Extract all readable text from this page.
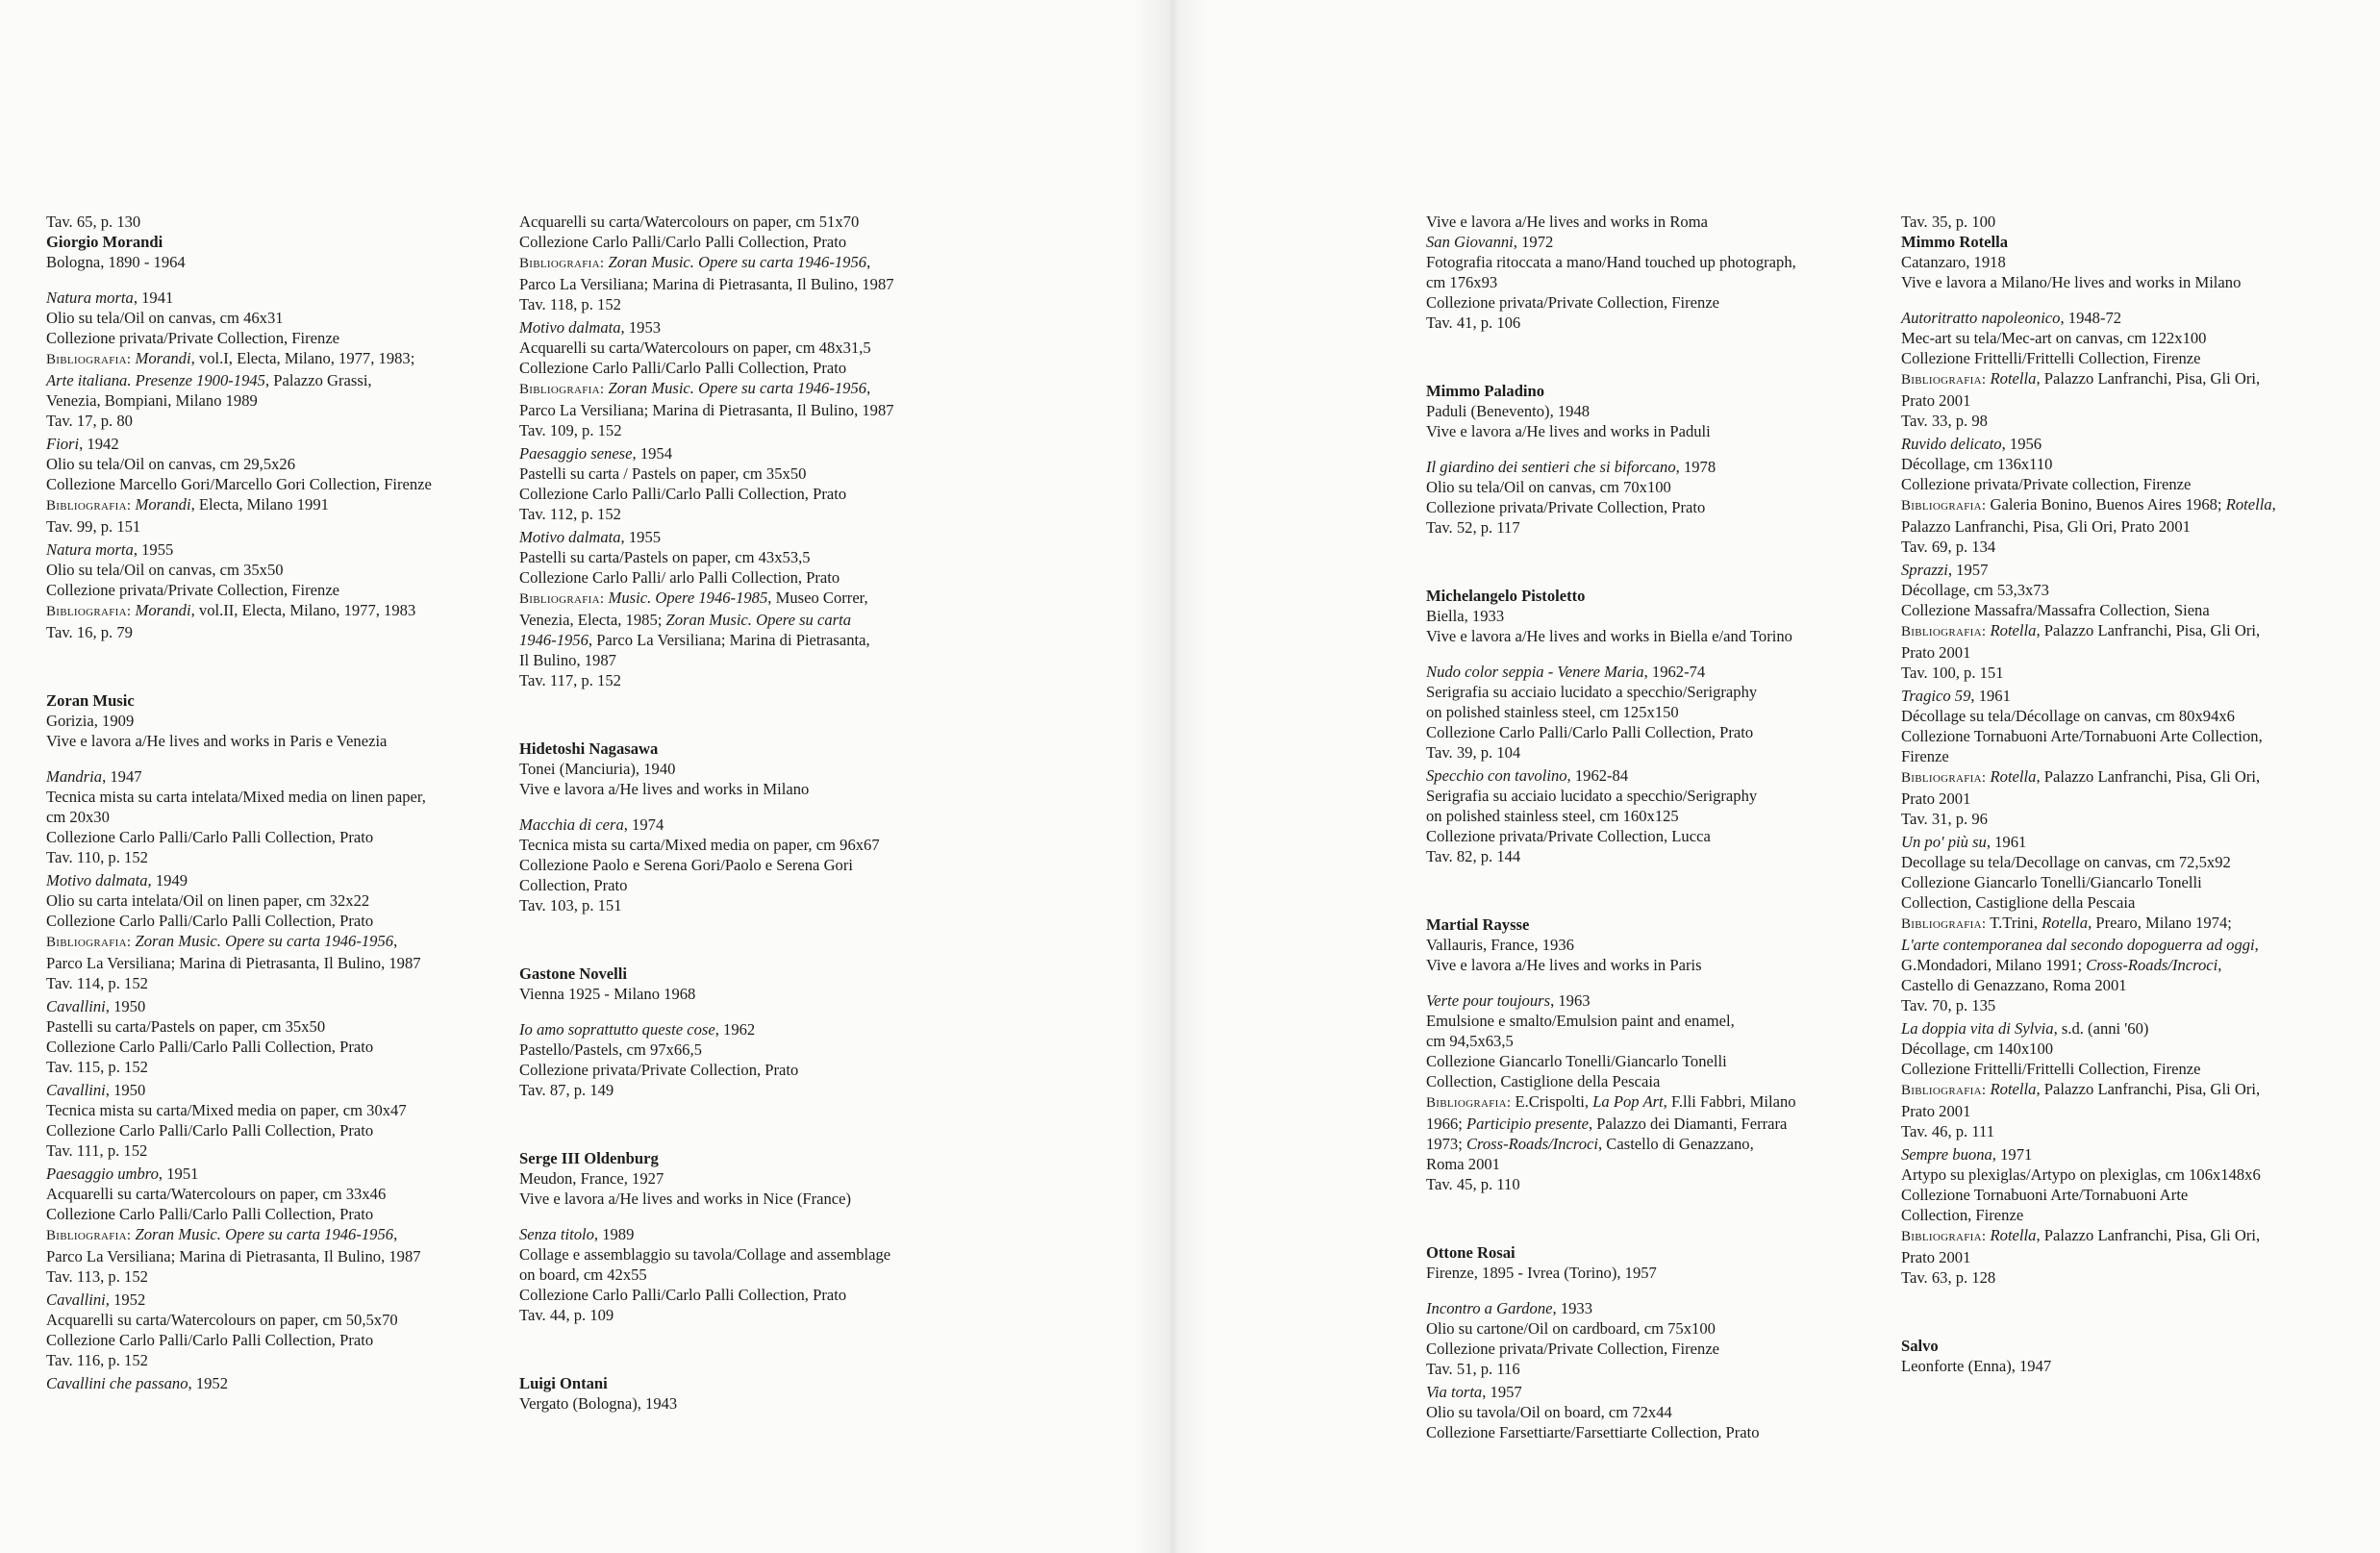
Tav. 65, p. 130
Giorgio Morandi
Bologna, 1890 - 1964
Natura morta, 1941
Olio su tela/Oil on canvas, cm 46x31
Collezione privata/Private Collection, Firenze
Bibliografia: Morandi, vol.I, Electa, Milano, 1977, 1983;
Arte italiana. Presenze 1900-1945, Palazzo Grassi,
Venezia, Bompiani, Milano 1989
Tav. 17, p. 80
Fiori, 1942
Olio su tela/Oil on canvas, cm 29,5x26
Collezione Marcello Gori/Marcello Gori Collection, Firenze
Bibliografia: Morandi, Electa, Milano 1991
Tav. 99, p. 151
Natura morta, 1955
Olio su tela/Oil on canvas, cm 35x50
Collezione privata/Private Collection, Firenze
Bibliografia: Morandi, vol.II, Electa, Milano, 1977, 1983
Tav. 16, p. 79
Zoran Music
Gorizia, 1909
Vive e lavora a/He lives and works in Paris e Venezia
Mandria, 1947
Tecnica mista su carta intelata/Mixed media on linen paper,
cm 20x30
Collezione Carlo Palli/Carlo Palli Collection, Prato
Tav. 110, p. 152
Motivo dalmata, 1949
Olio su carta intelata/Oil on linen paper, cm 32x22
Collezione Carlo Palli/Carlo Palli Collection, Prato
Bibliografia: Zoran Music. Opere su carta 1946-1956,
Parco La Versiliana; Marina di Pietrasanta, Il Bulino, 1987
Tav. 114, p. 152
Cavallini, 1950
Pastelli su carta/Pastels on paper, cm 35x50
Collezione Carlo Palli/Carlo Palli Collection, Prato
Tav. 115, p. 152
Cavallini, 1950
Tecnica mista su carta/Mixed media on paper, cm 30x47
Collezione Carlo Palli/Carlo Palli Collection, Prato
Tav. 111, p. 152
Paesaggio umbro, 1951
Acquarelli su carta/Watercolours on paper, cm 33x46
Collezione Carlo Palli/Carlo Palli Collection, Prato
Bibliografia: Zoran Music. Opere su carta 1946-1956,
Parco La Versiliana; Marina di Pietrasanta, Il Bulino, 1987
Tav. 113, p. 152
Cavallini, 1952
Acquarelli su carta/Watercolours on paper, cm 50,5x70
Collezione Carlo Palli/Carlo Palli Collection, Prato
Tav. 116, p. 152
Cavallini che passano, 1952
Acquarelli su carta/Watercolours on paper, cm 51x70
Collezione Carlo Palli/Carlo Palli Collection, Prato
Bibliografia: Zoran Music. Opere su carta 1946-1956,
Parco La Versiliana; Marina di Pietrasanta, Il Bulino, 1987
Tav. 118, p. 152
Motivo dalmata, 1953
Acquarelli su carta/Watercolours on paper, cm 48x31,5
Collezione Carlo Palli/Carlo Palli Collection, Prato
Bibliografia: Zoran Music. Opere su carta 1946-1956,
Parco La Versiliana; Marina di Pietrasanta, Il Bulino, 1987
Tav. 109, p. 152
Paesaggio senese, 1954
Pastelli su carta / Pastels on paper, cm 35x50
Collezione Carlo Palli/Carlo Palli Collection, Prato
Tav. 112, p. 152
Motivo dalmata, 1955
Pastelli su carta/Pastels on paper, cm 43x53,5
Collezione Carlo Palli/ arlo Palli Collection, Prato
Bibliografia: Music. Opere 1946-1985, Museo Correr,
Venezia, Electa, 1985; Zoran Music. Opere su carta
1946-1956, Parco La Versiliana; Marina di Pietrasanta,
Il Bulino, 1987
Tav. 117, p. 152
Hidetoshi Nagasawa
Tonei (Manciuria), 1940
Vive e lavora a/He lives and works in Milano
Macchia di cera, 1974
Tecnica mista su carta/Mixed media on paper, cm 96x67
Collezione Paolo e Serena Gori/Paolo e Serena Gori
Collection, Prato
Tav. 103, p. 151
Gastone Novelli
Vienna 1925 - Milano 1968
Io amo soprattutto queste cose, 1962
Pastello/Pastels, cm 97x66,5
Collezione privata/Private Collection, Prato
Tav. 87, p. 149
Serge III Oldenburg
Meudon, France, 1927
Vive e lavora a/He lives and works in Nice (France)
Senza titolo, 1989
Collage e assemblaggio su tavola/Collage and assemblage
on board, cm 42x55
Collezione Carlo Palli/Carlo Palli Collection, Prato
Tav. 44, p. 109
Luigi Ontani
Vergato (Bologna), 1943
Vive e lavora a/He lives and works in Roma
San Giovanni, 1972
Fotografia ritoccata a mano/Hand touched up photograph,
cm 176x93
Collezione privata/Private Collection, Firenze
Tav. 41, p. 106
Mimmo Paladino
Paduli (Benevento), 1948
Vive e lavora a/He lives and works in Paduli
Il giardino dei sentieri che si biforcano, 1978
Olio su tela/Oil on canvas, cm 70x100
Collezione privata/Private Collection, Prato
Tav. 52, p. 117
Michelangelo Pistoletto
Biella, 1933
Vive e lavora a/He lives and works in Biella e/and Torino
Nudo color seppia - Venere Maria, 1962-74
Serigrafia su acciaio lucidato a specchio/Serigraphy
on polished stainless steel, cm 125x150
Collezione Carlo Palli/Carlo Palli Collection, Prato
Tav. 39, p. 104
Specchio con tavolino, 1962-84
Serigrafia su acciaio lucidato a specchio/Serigraphy
on polished stainless steel, cm 160x125
Collezione privata/Private Collection, Lucca
Tav. 82, p. 144
Martial Raysse
Vallauris, France, 1936
Vive e lavora a/He lives and works in Paris
Verte pour toujours, 1963
Emulsione e smalto/Emulsion paint and enamel,
cm 94,5x63,5
Collezione Giancarlo Tonelli/Giancarlo Tonelli
Collection, Castiglione della Pescaia
Bibliografia: E.Crispolti, La Pop Art, F.lli Fabbri, Milano
1966; Participio presente, Palazzo dei Diamanti, Ferrara
1973; Cross-Roads/Incroci, Castello di Genazzano,
Roma 2001
Tav. 45, p. 110
Ottone Rosai
Firenze, 1895 - Ivrea (Torino), 1957
Incontro a Gardone, 1933
Olio su cartone/Oil on cardboard, cm 75x100
Collezione privata/Private Collection, Firenze
Tav. 51, p. 116
Via torta, 1957
Olio su tavola/Oil on board, cm 72x44
Collezione Farsettiarte/Farsettiarte Collection, Prato
Tav. 35, p. 100
Mimmo Rotella
Catanzaro, 1918
Vive e lavora a Milano/He lives and works in Milano
Autoritratto napoleonico, 1948-72
Mec-art su tela/Mec-art on canvas, cm 122x100
Collezione Frittelli/Frittelli Collection, Firenze
Bibliografia: Rotella, Palazzo Lanfranchi, Pisa, Gli Ori,
Prato 2001
Tav. 33, p. 98
Ruvido delicato, 1956
Décollage, cm 136x110
Collezione privata/Private collection, Firenze
Bibliografia: Galeria Bonino, Buenos Aires 1968; Rotella,
Palazzo Lanfranchi, Pisa, Gli Ori, Prato 2001
Tav. 69, p. 134
Sprazzi, 1957
Décollage, cm 53,3x73
Collezione Massafra/Massafra Collection, Siena
Bibliografia: Rotella, Palazzo Lanfranchi, Pisa, Gli Ori,
Prato 2001
Tav. 100, p. 151
Tragico 59, 1961
Décollage su tela/Décollage on canvas, cm 80x94x6
Collezione Tornabuoni Arte/Tornabuoni Arte Collection,
Firenze
Bibliografia: Rotella, Palazzo Lanfranchi, Pisa, Gli Ori,
Prato 2001
Tav. 31, p. 96
Un po' più su, 1961
Decollage su tela/Decollage on canvas, cm 72,5x92
Collezione Giancarlo Tonelli/Giancarlo Tonelli
Collection, Castiglione della Pescaia
Bibliografia: T.Trini, Rotella, Prearo, Milano 1974;
L'arte contemporanea dal secondo dopoguerra ad oggi,
G.Mondadori, Milano 1991; Cross-Roads/Incroci,
Castello di Genazzano, Roma 2001
Tav. 70, p. 135
La doppia vita di Sylvia, s.d. (anni '60)
Décollage, cm 140x100
Collezione Frittelli/Frittelli Collection, Firenze
Bibliografia: Rotella, Palazzo Lanfranchi, Pisa, Gli Ori,
Prato 2001
Tav. 46, p. 111
Sempre buona, 1971
Artypo su plexiglas/Artypo on plexiglas, cm 106x148x6
Collezione Tornabuoni Arte/Tornabuoni Arte
Collection, Firenze
Bibliografia: Rotella, Palazzo Lanfranchi, Pisa, Gli Ori,
Prato 2001
Tav. 63, p. 128
Salvo
Leonforte (Enna), 1947
